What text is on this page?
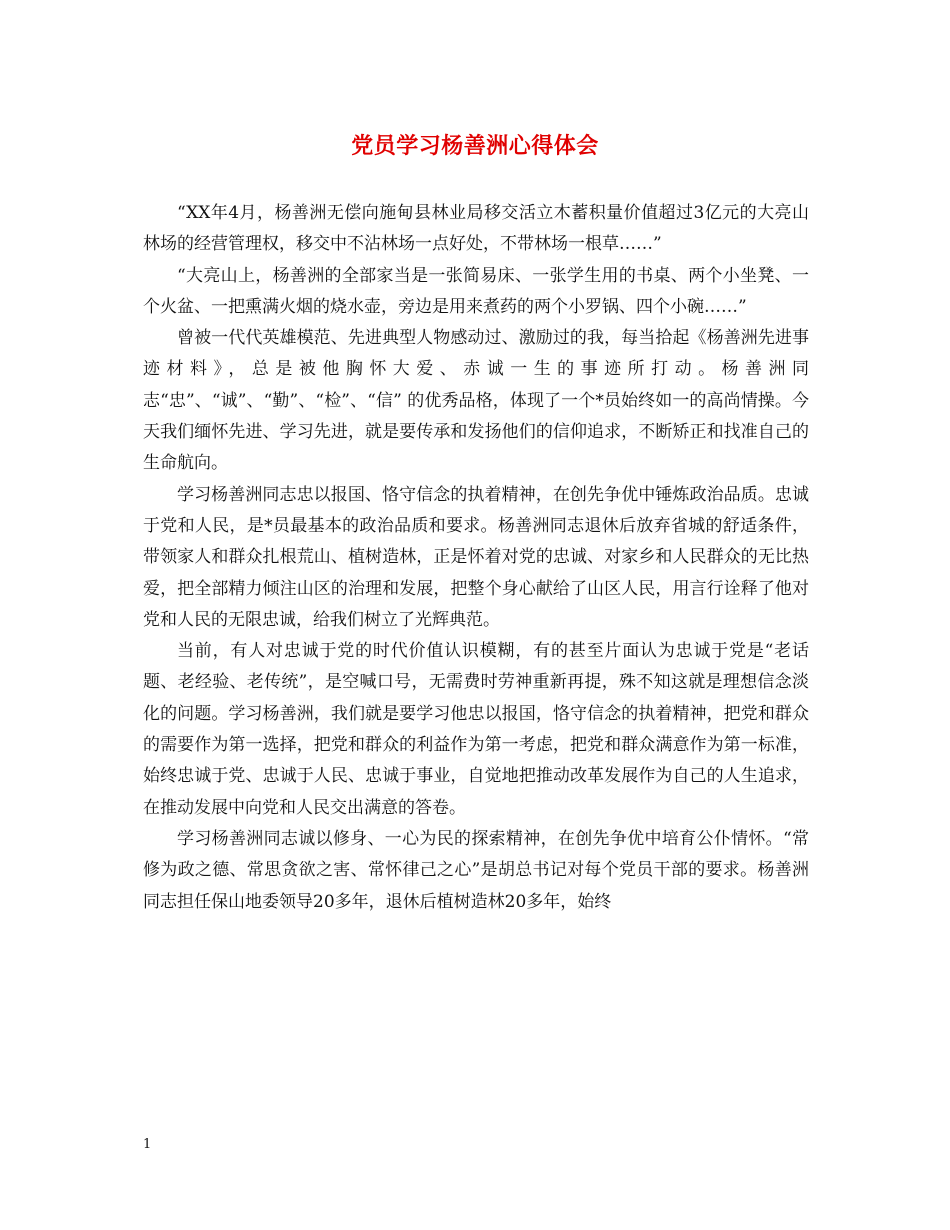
党员学习杨善洲心得体会

“XX年4月，杨善洲无偿向施甸县林业局移交活立木蓄积量价值超过3亿元的大亮山林场的经营管理权，移交中不沾林场一点好处，不带林场一根草……”

“大亮山上，杨善洲的全部家当是一张简易床、一张学生用的书桌、两个小坐凳、一个火盆、一把熏满火烟的烧水壶，旁边是用来煮药的两个小罗锅、四个小碗……”

曾被一代代英雄模范、先进典型人物感动过、激励过的我，每当拾起《杨善洲先进事迹材料》，总是被他胸怀大爱、赤诚一生的事迹所打动。杨善洲同志“忠”、“诚”、“勤”、“检”、“信” 的优秀品格，体现了一个*员始终如一的高尚情操。今天我们缅怀先进、学习先进，就是要传承和发扬他们的信仰追求，不断矫正和找准自己的生命航向。

学习杨善洲同志忠以报国、恪守信念的执着精神，在创先争优中锤炼政治品质。忠诚于党和人民，是*员最基本的政治品质和要求。杨善洲同志退休后放弃省城的舒适条件，带领家人和群众扎根荒山、植树造林，正是怀着对党的忠诚、对家乡和人民群众的无比热爱，把全部精力倾注山区的治理和发展，把整个身心献给了山区人民，用言行诠释了他对党和人民的无限忠诚，给我们树立了光辉典范。

当前，有人对忠诚于党的时代价值认识模糊，有的甚至片面认为忠诚于党是“老话题、老经验、老传统”，是空喊口号，无需费时劳神重新再提，殊不知这就是理想信念淡化的问题。学习杨善洲，我们就是要学习他忠以报国，恪守信念的执着精神，把党和群众的需要作为第一选择，把党和群众的利益作为第一考虑，把党和群众满意作为第一标准，始终忠诚于党、忠诚于人民、忠诚于事业，自觉地把推动改革发展作为自己的人生追求，在推动发展中向党和人民交出满意的答卷。

学习杨善洲同志诚以修身、一心为民的探索精神，在创先争优中培育公仆情怀。“常修为政之德、常思贪欲之害、常怀律己之心”是胡总书记对每个党员干部的要求。杨善洲同志担任保山地委领导20多年，退休后植树造林20多年，始终

1
